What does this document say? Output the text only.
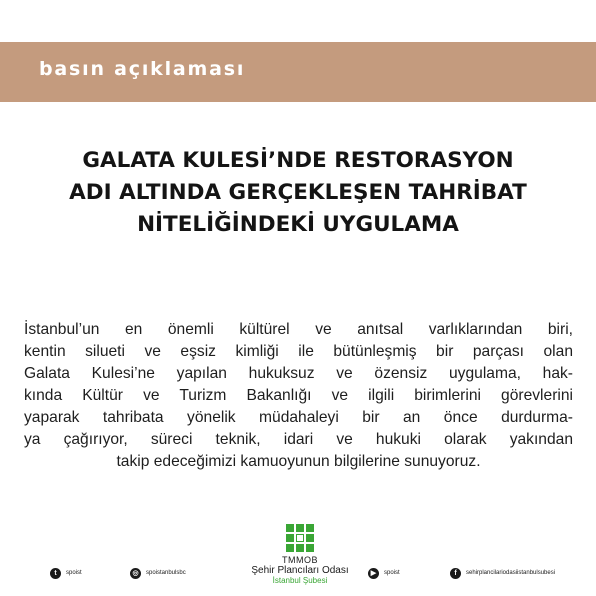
basın açıklaması
GALATA KULESİ’NDE RESTORASYON
ADI ALTINDA GERÇEKLEŞEN TAHRİBAT
NİTELİĞİNDEKİ UYGULAMA
İstanbul’un en önemli kültürel ve anıtsal varlıklarından biri,
kentin silueti ve eşsiz kimliği ile bütünleşmiş bir parçası olan
Galata Kulesi’ne yapılan hukuksuz ve özensiz uygulama, hak-
kında Kültür ve Turizm Bakanlığı ve ilgili birimlerini görevlerini
yaparak tahribata yönelik müdahaleyi bir an önce durdurma-
ya çağırıyor, süreci teknik, idari ve hukuki olarak yakından
takip edeceğimizi kamuoyunun bilgilerine sunuyoruz.
TMMOB
Şehir Plancıları Odası
İstanbul Şubesi
t	spoist	◎	spoistanbulsbc	▶	spoist	f	sehirplancilariodasiistanbulsubesi
